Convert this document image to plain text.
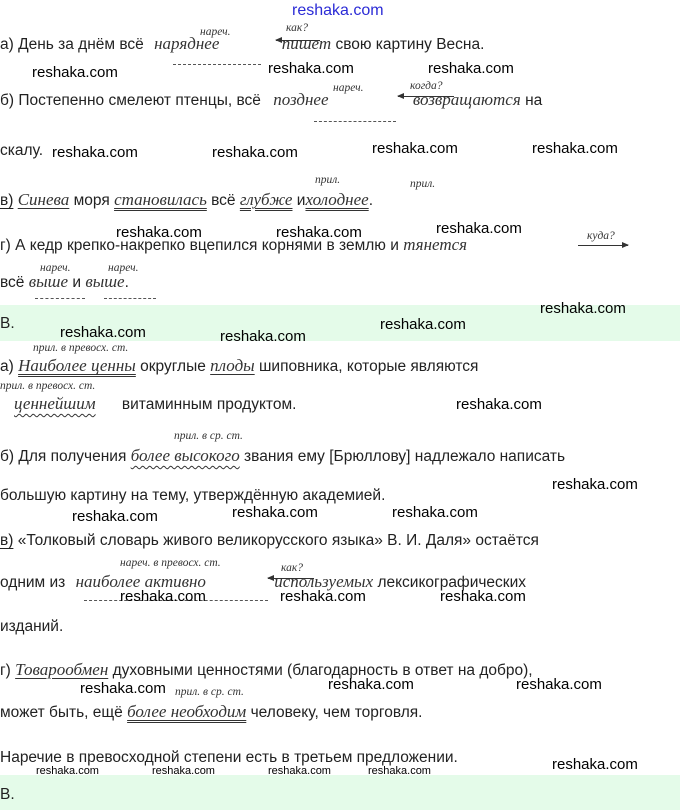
reshaka.com
нареч.	как?
а) День за днём всё наряднее	пишет свою картину Весна.
нареч.	когда?
б) Постепенно смелеют птенцы, всё позднее	возвращаются на
скалу.
прил.	прил.
в) Синева моря становилась всё глубже ихолоднее.
куда?
г) А кедр крепко-накрепко вцепился корнями в землю и тянется
нареч.	нареч.
всё выше и выше.
В.
прил. в превосх. ст.
а) Наиболее ценны округлые плоды шиповника, которые являются
прил. в превосх. ст.
ценнейшим витаминным продуктом.
прил. в ср. ст.
б) Для получения более высокого звания ему [Брюллову] надлежало написать
большую картину на тему, утверждённую академией.
в) «Толковый словарь живого великорусского языка» В. И. Даля» остаётся
нареч. в превосх. ст.	как?
одним из наиболее активно	используемых лексикографических
изданий.
г) Товарообмен духовными ценностями (благодарность в ответ на добро),
прил. в ср. ст.
может быть, ещё более необходим человеку, чем торговля.
Наречие в превосходной степени есть в третьем предложении.
В.
reshaka.com	reshaka.com	reshaka.com
reshaka.com	reshaka.com	reshaka.com	reshaka.com
reshaka.com	reshaka.com	reshaka.com
reshaka.com
reshaka.com
reshaka.com	reshaka.com
reshaka.com
reshaka.com
reshaka.com	reshaka.com	reshaka.com
reshaka.com	reshaka.com	reshaka.com
reshaka.com	reshaka.com	reshaka.com
reshaka.com
reshaka.com	reshaka.com	reshaka.com	reshaka.com
